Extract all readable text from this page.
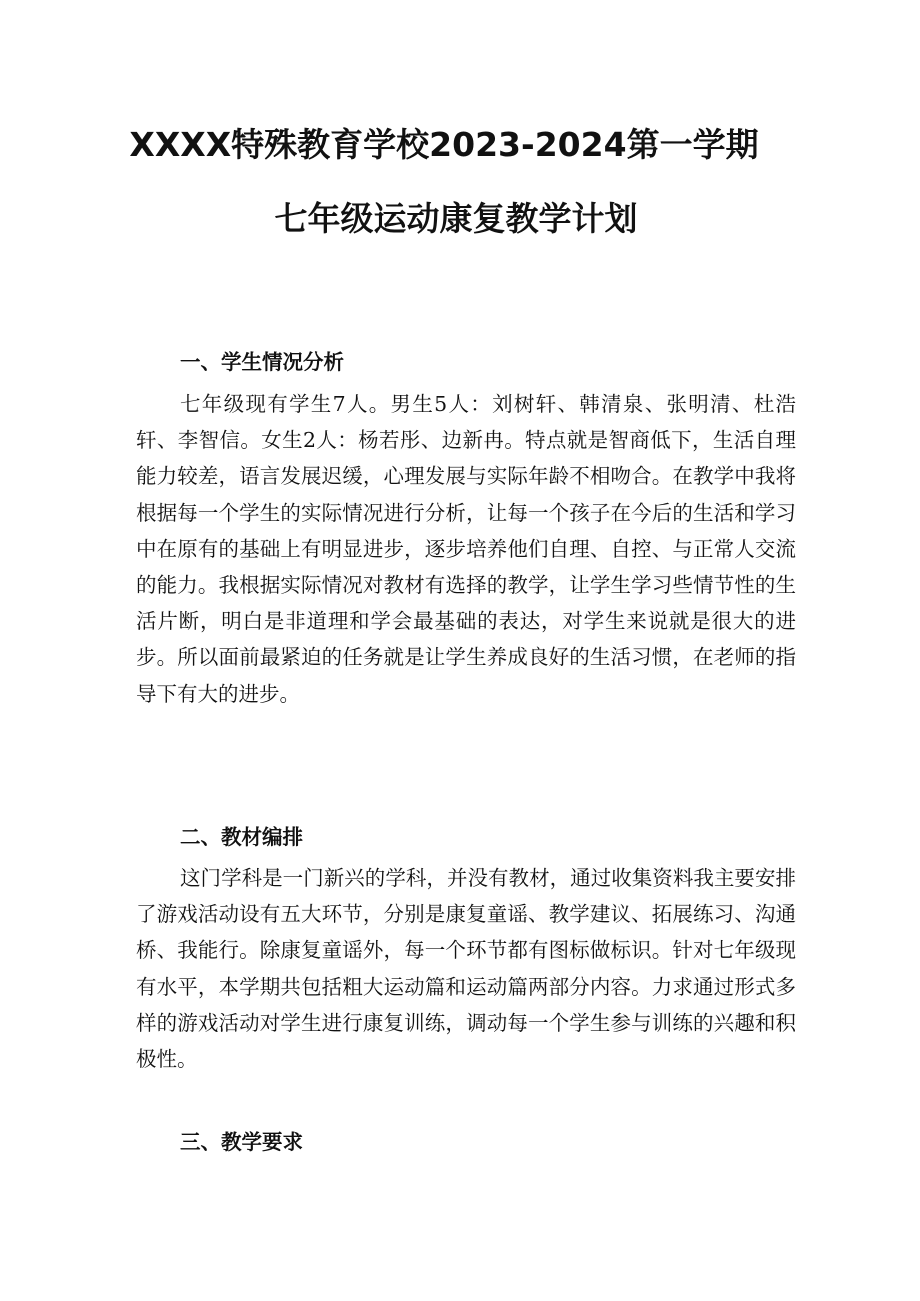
XXXX特殊教育学校2023-2024第一学期
七年级运动康复教学计划
一、学生情况分析

七年级现有学生7人。男生5人：刘树轩、韩清泉、张明清、杜浩轩、李智信。女生2人：杨若彤、边新冉。特点就是智商低下，生活自理能力较差，语言发展迟缓，心理发展与实际年龄不相吻合。在教学中我将根据每一个学生的实际情况进行分析，让每一个孩子在今后的生活和学习中在原有的基础上有明显进步，逐步培养他们自理、自控、与正常人交流的能力。我根据实际情况对教材有选择的教学，让学生学习些情节性的生活片断，明白是非道理和学会最基础的表达，对学生来说就是很大的进步。所以面前最紧迫的任务就是让学生养成良好的生活习惯，在老师的指导下有大的进步。

二、教材编排

这门学科是一门新兴的学科，并没有教材，通过收集资料我主要安排了游戏活动设有五大环节，分别是康复童谣、教学建议、拓展练习、沟通桥、我能行。除康复童谣外，每一个环节都有图标做标识。针对七年级现有水平，本学期共包括粗大运动篇和运动篇两部分内容。力求通过形式多样的游戏活动对学生进行康复训练，调动每一个学生参与训练的兴趣和积极性。

三、教学要求
